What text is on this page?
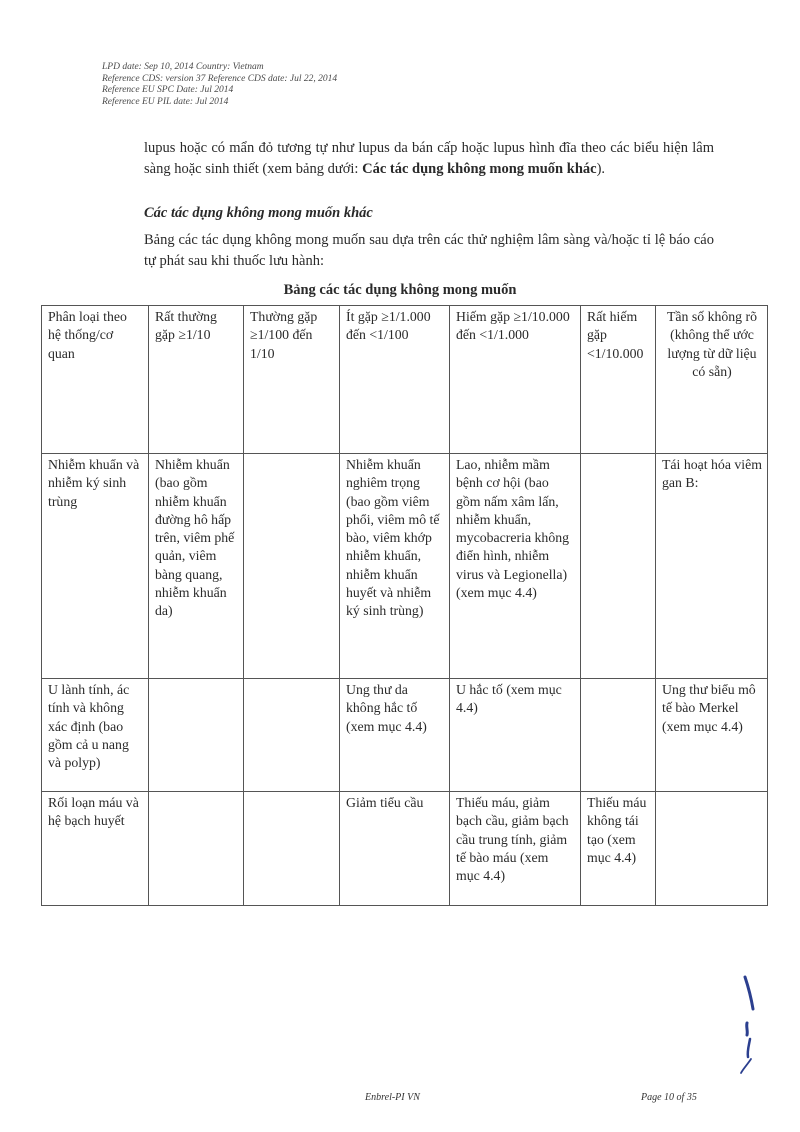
LPD date: Sep 10, 2014 Country: Vietnam
Reference CDS: version 37 Reference CDS date: Jul 22, 2014
Reference EU SPC Date: Jul 2014
Reference EU PIL date: Jul 2014
lupus hoặc có mẩn đỏ tương tự như lupus da bán cấp hoặc lupus hình đĩa theo các biểu hiện lâm sàng hoặc sinh thiết (xem bảng dưới: Các tác dụng không mong muốn khác).
Các tác dụng không mong muốn khác
Bảng các tác dụng không mong muốn sau dựa trên các thử nghiệm lâm sàng và/hoặc tỉ lệ báo cáo tự phát sau khi thuốc lưu hành:
Bảng các tác dụng không mong muốn
Phân loại theo hệ thống/cơ quan	Rất thường gặp ≥1/10	Thường gặp ≥1/100 đến 1/10	Ít gặp ≥1/1.000 đến <1/100	Hiếm gặp ≥1/10.000 đến <1/1.000	Rất hiếm gặp <1/10.000	Tần số không rõ (không thể ước lượng từ dữ liệu có sẵn)
Nhiễm khuẩn và nhiễm ký sinh trùng	Nhiễm khuẩn (bao gồm nhiễm khuẩn đường hô hấp trên, viêm phế quản, viêm bàng quang, nhiễm khuẩn da)		Nhiễm khuẩn nghiêm trọng (bao gồm viêm phổi, viêm mô tế bào, viêm khớp nhiễm khuẩn, nhiễm khuẩn huyết và nhiễm ký sinh trùng)	Lao, nhiễm mầm bệnh cơ hội (bao gồm nấm xâm lấn, nhiễm khuẩn, mycobacreria không điển hình, nhiễm virus và Legionella) (xem mục 4.4)		Tái hoạt hóa viêm gan B:
U lành tính, ác tính và không xác định (bao gồm cả u nang và polyp)			Ung thư da không hắc tố (xem mục 4.4)	U hắc tố (xem mục 4.4)		Ung thư biểu mô tế bào Merkel (xem mục 4.4)
Rối loạn máu và hệ bạch huyết			Giảm tiểu cầu	Thiếu máu, giảm bạch cầu, giảm bạch cầu trung tính, giảm tế bào máu (xem mục 4.4)	Thiếu máu không tái tạo (xem mục 4.4)	
Enbrel-PI VN	Page 10 of 35
